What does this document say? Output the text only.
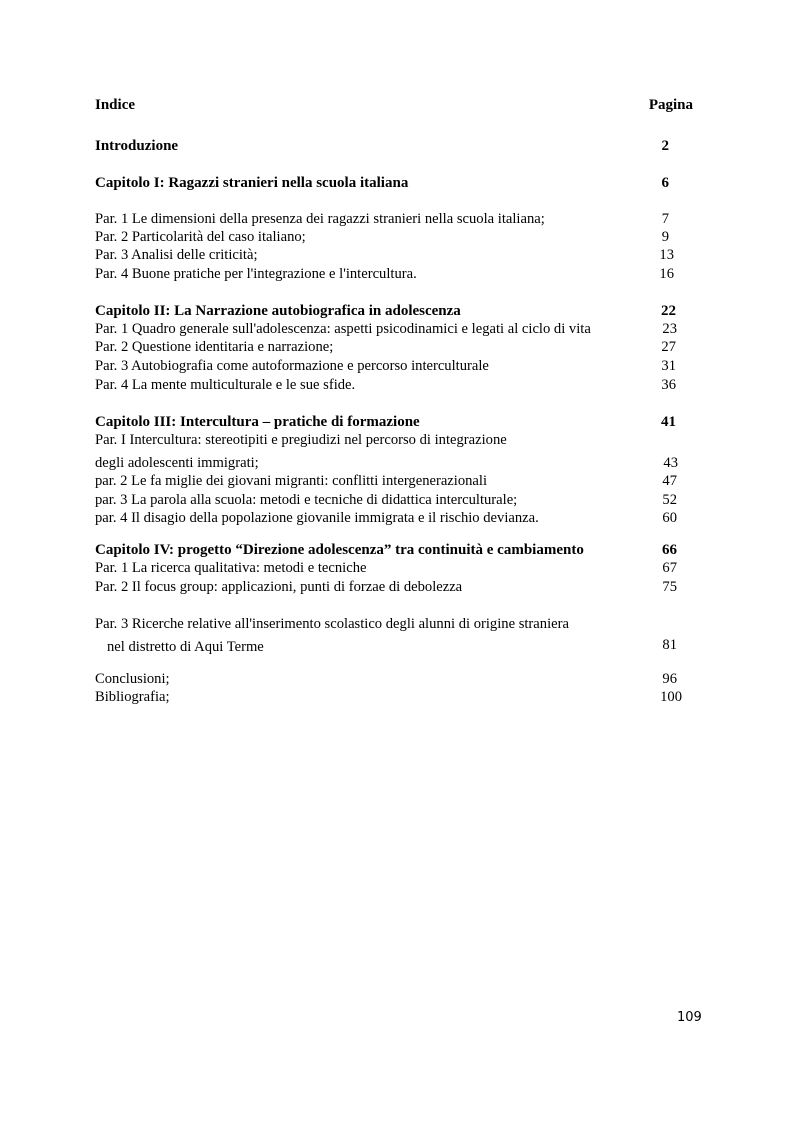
Indice	Pagina
Introduzione	2
Capitolo I: Ragazzi stranieri nella scuola italiana	6
Par. 1 Le dimensioni della presenza dei ragazzi stranieri nella scuola italiana;	7
Par. 2 Particolarità del caso italiano;	9
Par. 3 Analisi delle criticità;	13
Par. 4 Buone pratiche per l'integrazione e l'intercultura.	16
Capitolo II: La Narrazione autobiografica in adolescenza	22
Par. 1 Quadro generale sull'adolescenza: aspetti psicodinamici e legati al ciclo di vita	23
Par. 2 Questione identitaria e narrazione;	27
Par. 3 Autobiografia come autoformazione e percorso interculturale	31
Par. 4 La mente multiculturale e le sue sfide.	36
Capitolo III: Intercultura – pratiche di formazione	41
Par. I Intercultura: stereotipiti e pregiudizi nel percorso di integrazione
degli adolescenti immigrati;	43
par. 2 Le fa miglie dei giovani migranti: conflitti intergenerazionali	47
par. 3 La parola alla scuola: metodi e tecniche di didattica interculturale;	52
par. 4 Il disagio della popolazione giovanile immigrata e il rischio devianza.	60
Capitolo IV: progetto “Direzione adolescenza” tra continuità e cambiamento	66
Par. 1 La ricerca qualitativa: metodi e tecniche	67
Par. 2 Il focus group: applicazioni, punti di forzae di debolezza	75
Par. 3 Ricerche relative all'inserimento scolastico degli alunni di origine straniera
nel distretto di Aqui Terme	81
Conclusioni;	96
Bibliografia;	100
109
